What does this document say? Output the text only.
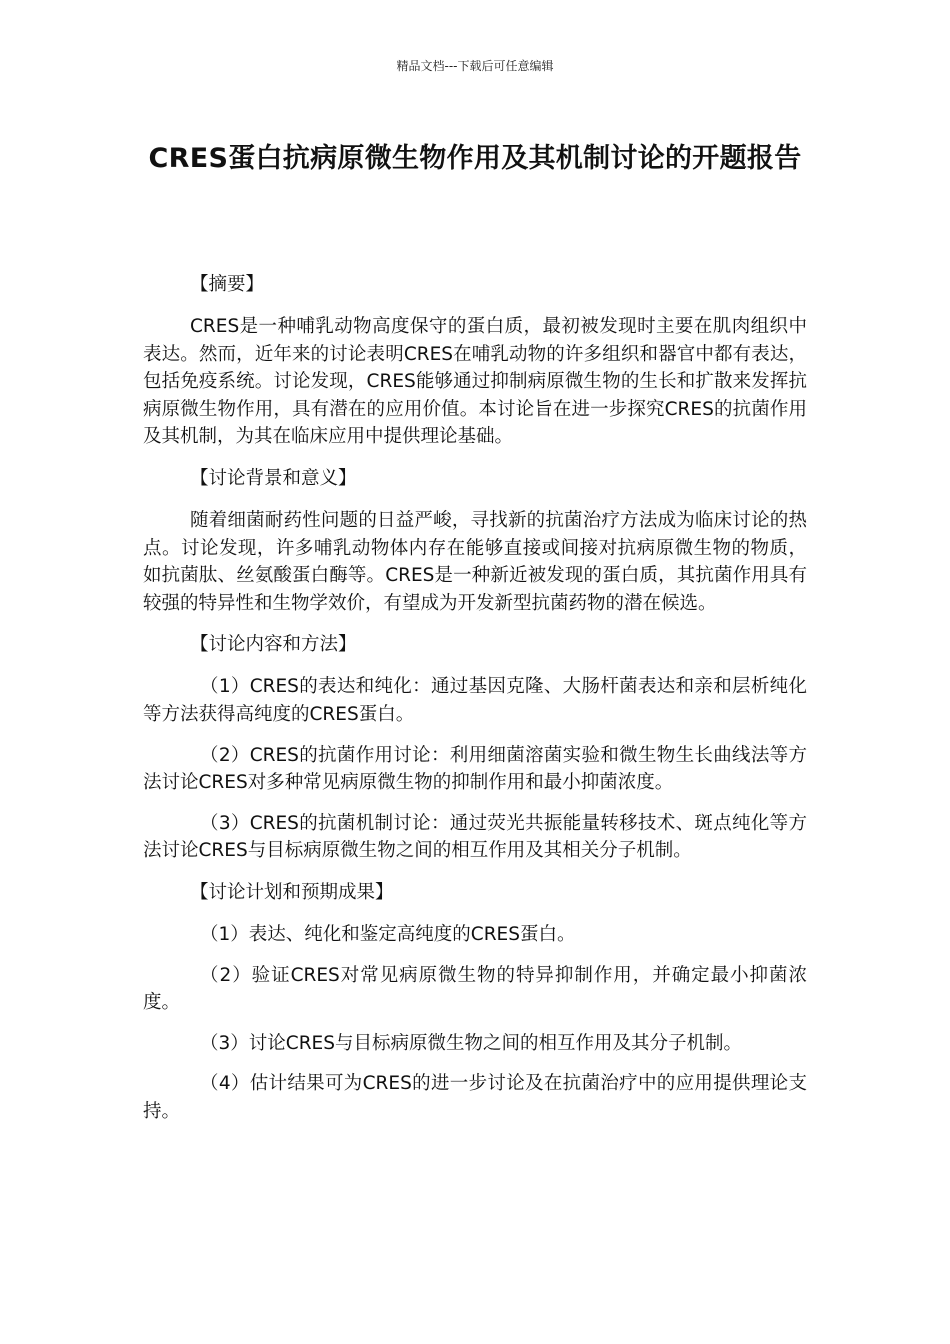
精品文档---下载后可任意编辑
CRES蛋白抗病原微生物作用及其机制讨论的开题报告

【摘要】

CRES是一种哺乳动物高度保守的蛋白质，最初被发现时主要在肌肉组织中表达。然而，近年来的讨论表明CRES在哺乳动物的许多组织和器官中都有表达，包括免疫系统。讨论发现，CRES能够通过抑制病原微生物的生长和扩散来发挥抗病原微生物作用，具有潜在的应用价值。本讨论旨在进一步探究CRES的抗菌作用及其机制，为其在临床应用中提供理论基础。

【讨论背景和意义】

随着细菌耐药性问题的日益严峻，寻找新的抗菌治疗方法成为临床讨论的热点。讨论发现，许多哺乳动物体内存在能够直接或间接对抗病原微生物的物质，如抗菌肽、丝氨酸蛋白酶等。CRES是一种新近被发现的蛋白质，其抗菌作用具有较强的特异性和生物学效价，有望成为开发新型抗菌药物的潜在候选。

【讨论内容和方法】

（1）CRES的表达和纯化：通过基因克隆、大肠杆菌表达和亲和层析纯化等方法获得高纯度的CRES蛋白。

（2）CRES的抗菌作用讨论：利用细菌溶菌实验和微生物生长曲线法等方法讨论CRES对多种常见病原微生物的抑制作用和最小抑菌浓度。

（3）CRES的抗菌机制讨论：通过荧光共振能量转移技术、斑点纯化等方法讨论CRES与目标病原微生物之间的相互作用及其相关分子机制。

【讨论计划和预期成果】

（1）表达、纯化和鉴定高纯度的CRES蛋白。

（2）验证CRES对常见病原微生物的特异抑制作用，并确定最小抑菌浓度。

（3）讨论CRES与目标病原微生物之间的相互作用及其分子机制。

（4）估计结果可为CRES的进一步讨论及在抗菌治疗中的应用提供理论支持。
